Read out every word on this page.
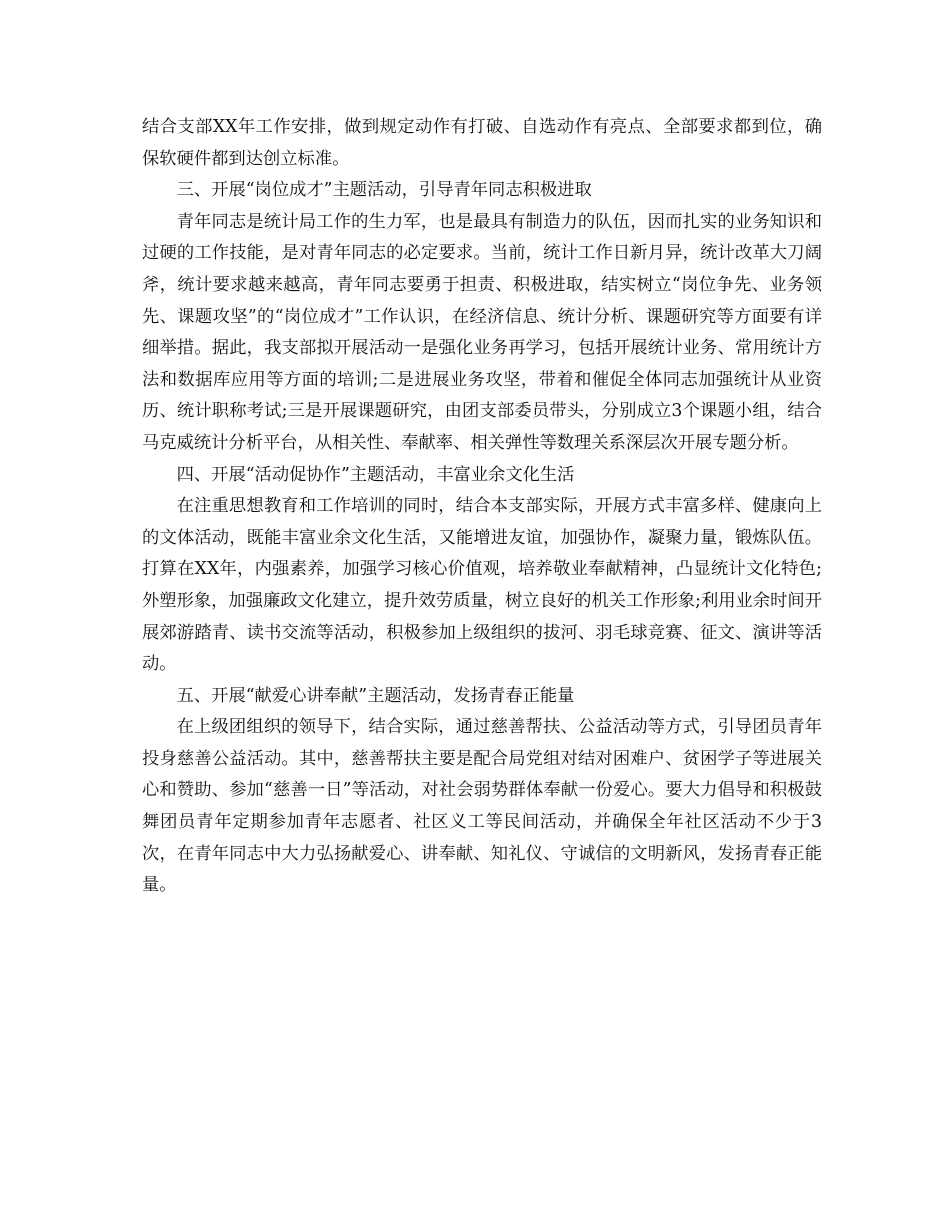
结合支部XX年工作安排，做到规定动作有打破、自选动作有亮点、全部要求都到位，确保软硬件都到达创立标准。

三、开展“岗位成才”主题活动，引导青年同志积极进取

青年同志是统计局工作的生力军，也是最具有制造力的队伍，因而扎实的业务知识和过硬的工作技能，是对青年同志的必定要求。当前，统计工作日新月异，统计改革大刀阔斧，统计要求越来越高，青年同志要勇于担责、积极进取，结实树立“岗位争先、业务领先、课题攻坚”的“岗位成才”工作认识，在经济信息、统计分析、课题研究等方面要有详细举措。据此，我支部拟开展活动一是强化业务再学习，包括开展统计业务、常用统计方法和数据库应用等方面的培训;二是进展业务攻坚，带着和催促全体同志加强统计从业资历、统计职称考试;三是开展课题研究，由团支部委员带头，分别成立3个课题小组，结合马克威统计分析平台，从相关性、奉献率、相关弹性等数理关系深层次开展专题分析。

四、开展“活动促协作”主题活动，丰富业余文化生活

在注重思想教育和工作培训的同时，结合本支部实际，开展方式丰富多样、健康向上的文体活动，既能丰富业余文化生活，又能增进友谊，加强协作，凝聚力量，锻炼队伍。打算在XX年，内强素养，加强学习核心价值观，培养敬业奉献精神，凸显统计文化特色;外塑形象，加强廉政文化建立，提升效劳质量，树立良好的机关工作形象;利用业余时间开展郊游踏青、读书交流等活动，积极参加上级组织的拔河、羽毛球竞赛、征文、演讲等活动。

五、开展“献爱心讲奉献”主题活动，发扬青春正能量

在上级团组织的领导下，结合实际，通过慈善帮扶、公益活动等方式，引导团员青年投身慈善公益活动。其中，慈善帮扶主要是配合局党组对结对困难户、贫困学子等进展关心和赞助、参加“慈善一日”等活动，对社会弱势群体奉献一份爱心。要大力倡导和积极鼓舞团员青年定期参加青年志愿者、社区义工等民间活动，并确保全年社区活动不少于3次，在青年同志中大力弘扬献爱心、讲奉献、知礼仪、守诚信的文明新风，发扬青春正能量。
